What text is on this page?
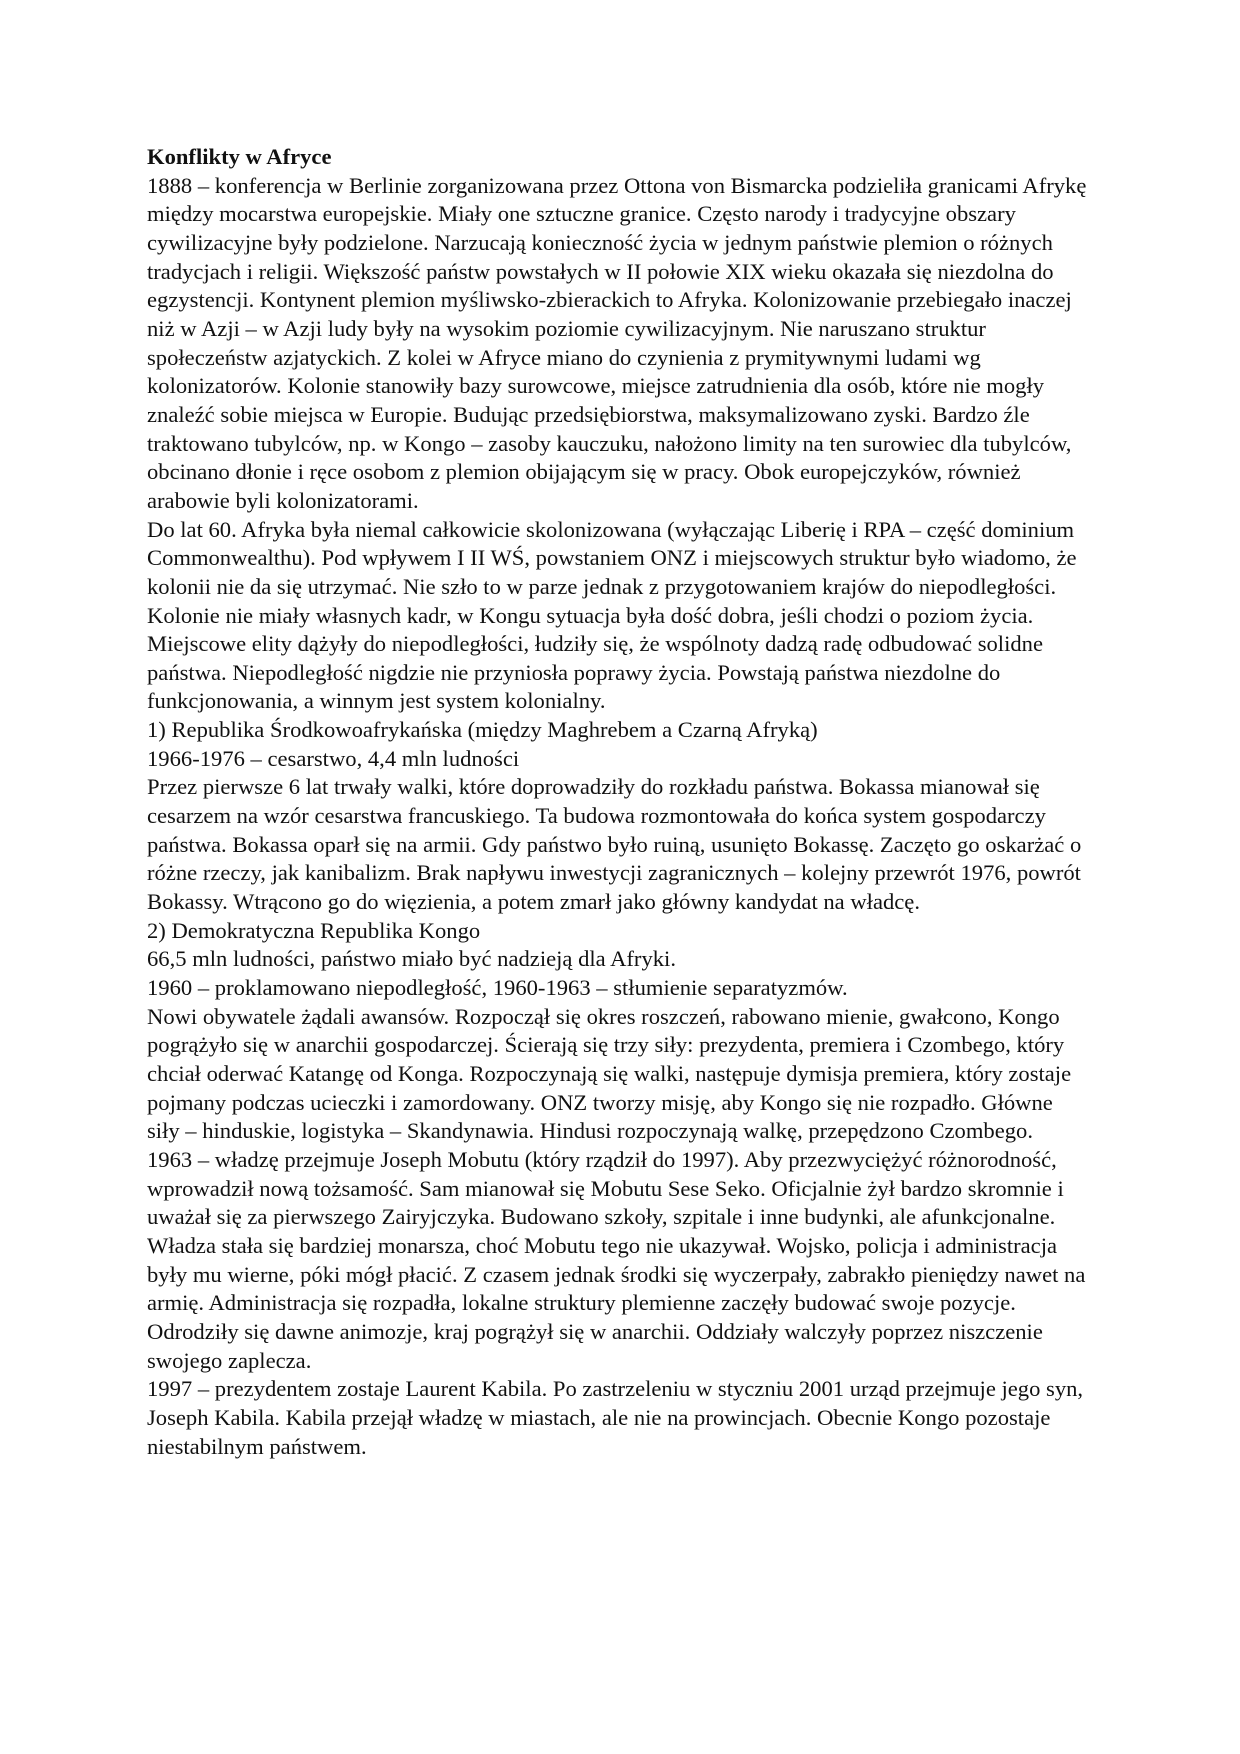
Konflikty w Afryce

1888 – konferencja w Berlinie zorganizowana przez Ottona von Bismarcka podzieliła granicami Afrykę między mocarstwa europejskie. Miały one sztuczne granice. Często narody i tradycyjne obszary cywilizacyjne były podzielone. Narzucają konieczność życia w jednym państwie plemion o różnych tradycjach i religii. Większość państw powstałych w II połowie XIX wieku okazała się niezdolna do egzystencji. Kontynent plemion myśliwsko-zbierackich to Afryka. Kolonizowanie przebiegało inaczej niż w Azji – w Azji ludy były na wysokim poziomie cywilizacyjnym. Nie naruszano struktur społeczeństw azjatyckich. Z kolei w Afryce miano do czynienia z prymitywnymi ludami wg kolonizatorów. Kolonie stanowiły bazy surowcowe, miejsce zatrudnienia dla osób, które nie mogły znaleźć sobie miejsca w Europie. Budując przedsiębiorstwa, maksymalizowano zyski. Bardzo źle traktowano tubylców, np. w Kongo – zasoby kauczuku, nałożono limity na ten surowiec dla tubylców, obcinano dłonie i ręce osobom z plemion obijającym się w pracy. Obok europejczyków, również arabowie byli kolonizatorami.

Do lat 60. Afryka była niemal całkowicie skolonizowana (wyłączając Liberię i RPA – część dominium Commonwealthu). Pod wpływem I II WŚ, powstaniem ONZ i miejscowych struktur było wiadomo, że kolonii nie da się utrzymać. Nie szło to w parze jednak z przygotowaniem krajów do niepodległości. Kolonie nie miały własnych kadr, w Kongu sytuacja była dość dobra, jeśli chodzi o poziom życia.

Miejscowe elity dążyły do niepodległości, łudziły się, że wspólnoty dadzą radę odbudować solidne państwa. Niepodległość nigdzie nie przyniosła poprawy życia. Powstają państwa niezdolne do funkcjonowania, a winnym jest system kolonialny.

1) Republika Środkowoafrykańska (między Maghrebem a Czarną Afryką)

1966-1976 – cesarstwo, 4,4 mln ludności

Przez pierwsze 6 lat trwały walki, które doprowadziły do rozkładu państwa. Bokassa mianował się cesarzem na wzór cesarstwa francuskiego. Ta budowa rozmontowała do końca system gospodarczy państwa. Bokassa oparł się na armii. Gdy państwo było ruiną, usunięto Bokassę. Zaczęto go oskarżać o różne rzeczy, jak kanibalizm. Brak napływu inwestycji zagranicznych – kolejny przewrót 1976, powrót Bokassy. Wtrącono go do więzienia, a potem zmarł jako główny kandydat na władcę.

2) Demokratyczna Republika Kongo

66,5 mln ludności, państwo miało być nadzieją dla Afryki.

1960 – proklamowano niepodległość, 1960-1963 – stłumienie separatyzmów.

Nowi obywatele żądali awansów. Rozpoczął się okres roszczeń, rabowano mienie, gwałcono, Kongo pogrążyło się w anarchii gospodarczej. Ścierają się trzy siły: prezydenta, premiera i Czombego, który chciał oderwać Katangę od Konga. Rozpoczynają się walki, następuje dymisja premiera, który zostaje pojmany podczas ucieczki i zamordowany. ONZ tworzy misję, aby Kongo się nie rozpadło. Główne siły – hinduskie, logistyka – Skandynawia. Hindusi rozpoczynają walkę, przepędzono Czombego.

1963 – władzę przejmuje Joseph Mobutu (który rządził do 1997). Aby przezwyciężyć różnorodność, wprowadził nową tożsamość. Sam mianował się Mobutu Sese Seko. Oficjalnie żył bardzo skromnie i uważał się za pierwszego Zairyjczyka. Budowano szkoły, szpitale i inne budynki, ale afunkcjonalne. Władza stała się bardziej monarsza, choć Mobutu tego nie ukazywał. Wojsko, policja i administracja były mu wierne, póki mógł płacić. Z czasem jednak środki się wyczerpały, zabrakło pieniędzy nawet na armię. Administracja się rozpadła, lokalne struktury plemienne zaczęły budować swoje pozycje. Odrodziły się dawne animozje, kraj pogrążył się w anarchii. Oddziały walczyły poprzez niszczenie swojego zaplecza.

1997 – prezydentem zostaje Laurent Kabila. Po zastrzeleniu w styczniu 2001 urząd przejmuje jego syn, Joseph Kabila. Kabila przejął władzę w miastach, ale nie na prowincjach. Obecnie Kongo pozostaje niestabilnym państwem.
